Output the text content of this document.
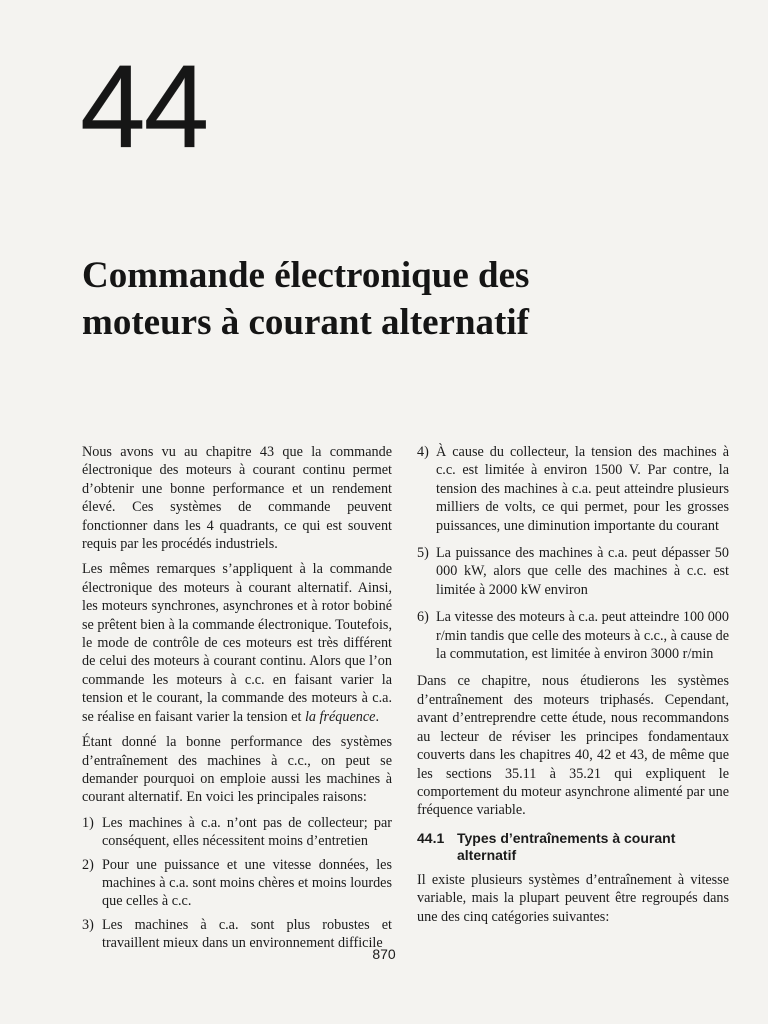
44
Commande électronique des
moteurs à courant alternatif

Nous avons vu au chapitre 43 que la commande électronique des moteurs à courant continu permet d’obtenir une bonne performance et un rendement élevé. Ces systèmes de commande peuvent fonctionner dans les 4 quadrants, ce qui est souvent requis par les procédés industriels.

Les mêmes remarques s’appliquent à la commande électronique des moteurs à courant alternatif. Ainsi, les moteurs synchrones, asynchrones et à rotor bobiné se prêtent bien à la commande électronique. Toutefois, le mode de contrôle de ces moteurs est très différent de celui des moteurs à courant continu. Alors que l’on commande les moteurs à c.c. en faisant varier la tension et le courant, la commande des moteurs à c.a. se réalise en faisant varier la tension et la fréquence.

Étant donné la bonne performance des systèmes d’entraînement des machines à c.c., on peut se demander pourquoi on emploie aussi les machines à courant alternatif. En voici les principales raisons:

1) Les machines à c.a. n’ont pas de collecteur; par conséquent, elles nécessitent moins d’entretien
2) Pour une puissance et une vitesse données, les machines à c.a. sont moins chères et moins lourdes que celles à c.c.
3) Les machines à c.a. sont plus robustes et travaillent mieux dans un environnement difficile
4) À cause du collecteur, la tension des machines à c.c. est limitée à environ 1500 V. Par contre, la tension des machines à c.a. peut atteindre plusieurs milliers de volts, ce qui permet, pour les grosses puissances, une diminution importante du courant
5) La puissance des machines à c.a. peut dépasser 50 000 kW, alors que celle des machines à c.c. est limitée à 2000 kW environ
6) La vitesse des moteurs à c.a. peut atteindre 100 000 r/min tandis que celle des moteurs à c.c., à cause de la commutation, est limitée à environ 3000 r/min

Dans ce chapitre, nous étudierons les systèmes d’entraînement des moteurs triphasés. Cependant, avant d’entreprendre cette étude, nous recommandons au lecteur de réviser les principes fondamentaux couverts dans les chapitres 40, 42 et 43, de même que les sections 35.11 à 35.21 qui expliquent le comportement du moteur asynchrone alimenté par une fréquence variable.

44.1 Types d’entraînements à courant alternatif

Il existe plusieurs systèmes d’entraînement à vitesse variable, mais la plupart peuvent être regroupés dans une des cinq catégories suivantes:

870
